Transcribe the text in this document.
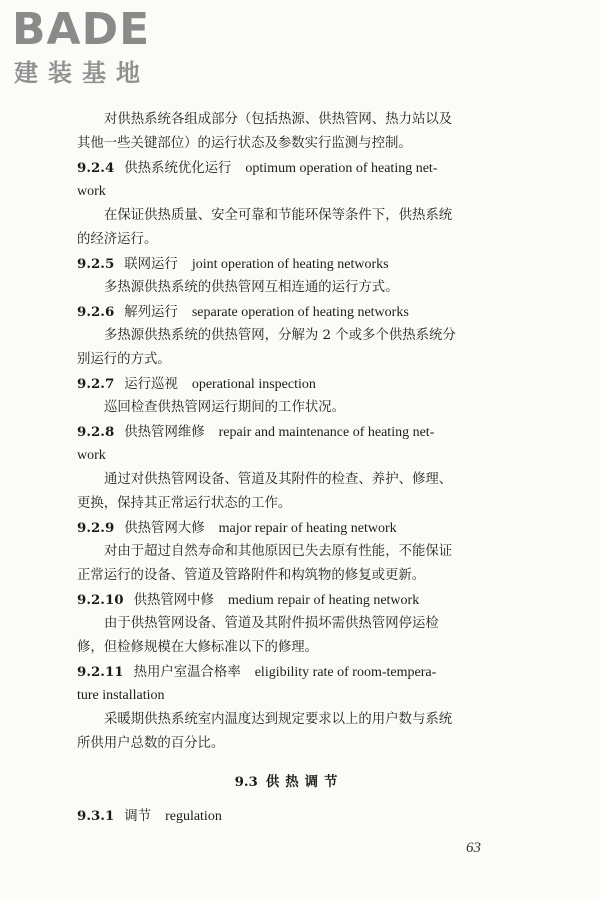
BADE
建装基地
对供热系统各组成部分（包括热源、供热管网、热力站以及
其他一些关键部位）的运行状态及参数实行监测与控制。
9.2.4 供热系统优化运行 optimum operation of heating net-
work
在保证供热质量、安全可靠和节能环保等条件下，供热系统
的经济运行。
9.2.5 联网运行 joint operation of heating networks
多热源供热系统的供热管网互相连通的运行方式。
9.2.6 解列运行 separate operation of heating networks
多热源供热系统的供热管网，分解为 2 个或多个供热系统分
别运行的方式。
9.2.7 运行巡视 operational inspection
巡回检查供热管网运行期间的工作状况。
9.2.8 供热管网维修 repair and maintenance of heating net-
work
通过对供热管网设备、管道及其附件的检查、养护、修理、
更换，保持其正常运行状态的工作。
9.2.9 供热管网大修 major repair of heating network
对由于超过自然寿命和其他原因已失去原有性能，不能保证
正常运行的设备、管道及管路附件和构筑物的修复或更新。
9.2.10 供热管网中修 medium repair of heating network
由于供热管网设备、管道及其附件损坏需供热管网停运检
修，但检修规模在大修标准以下的修理。
9.2.11 热用户室温合格率 eligibility rate of room-tempera-
ture installation
采暖期供热系统室内温度达到规定要求以上的用户数与系统
所供用户总数的百分比。
9.3 供热调节
9.3.1 调节 regulation
63
